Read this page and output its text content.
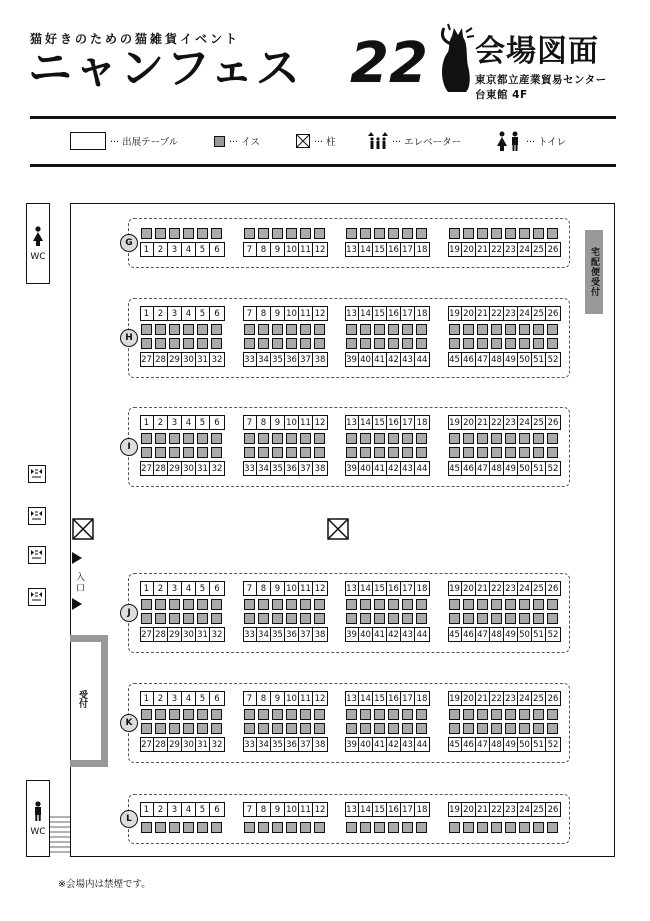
猫好きのための猫雑貨イベント
ニャンフェス 22 会場図面
東京都立産業貿易センター
台東館 4F
··· 出展テーブル	··· イス	··· 柱	··· エレベーター	··· トイレ
WC
WC
入口
受付
宅配便受付
G
1	2	3	4	5	6	7	8	9 10 11 12 13 14 15 16 17 18	19 20 21 22 23 24 25 26
H
1	2	3	4	5	6
27 28 29 30 31 32
7	8	9 10 11 12
33 34 35 36 37 38
13 14 15 16 17 18
39 40 41 42 43 44
19 20 21 22 23 24 25 26
45 46 47 48 49 50 51 52
I
1	2	3	4	5	6
27 28 29 30 31 32
7	8	9 10 11 12
33 34 35 36 37 38
13 14 15 16 17 18
39 40 41 42 43 44
19 20 21 22 23 24 25 26
45 46 47 48 49 50 51 52
J
1	2	3	4	5	6
27 28 29 30 31 32
7	8	9 10 11 12
33 34 35 36 37 38
13 14 15 16 17 18
39 40 41 42 43 44
19 20 21 22 23 24 25 26
45 46 47 48 49 50 51 52
K
1	2	3	4	5	6
27 28 29 30 31 32
7	8	9 10 11 12
33 34 35 36 37 38
13 14 15 16 17 18
39 40 41 42 43 44
19 20 21 22 23 24 25 26
45 46 47 48 49 50 51 52
L
1	2	3	4	5	6	7	8	9 10 11 12 13 14 15 16 17 18	19 20 21 22 23 24 25 26
※会場内は禁煙です。
